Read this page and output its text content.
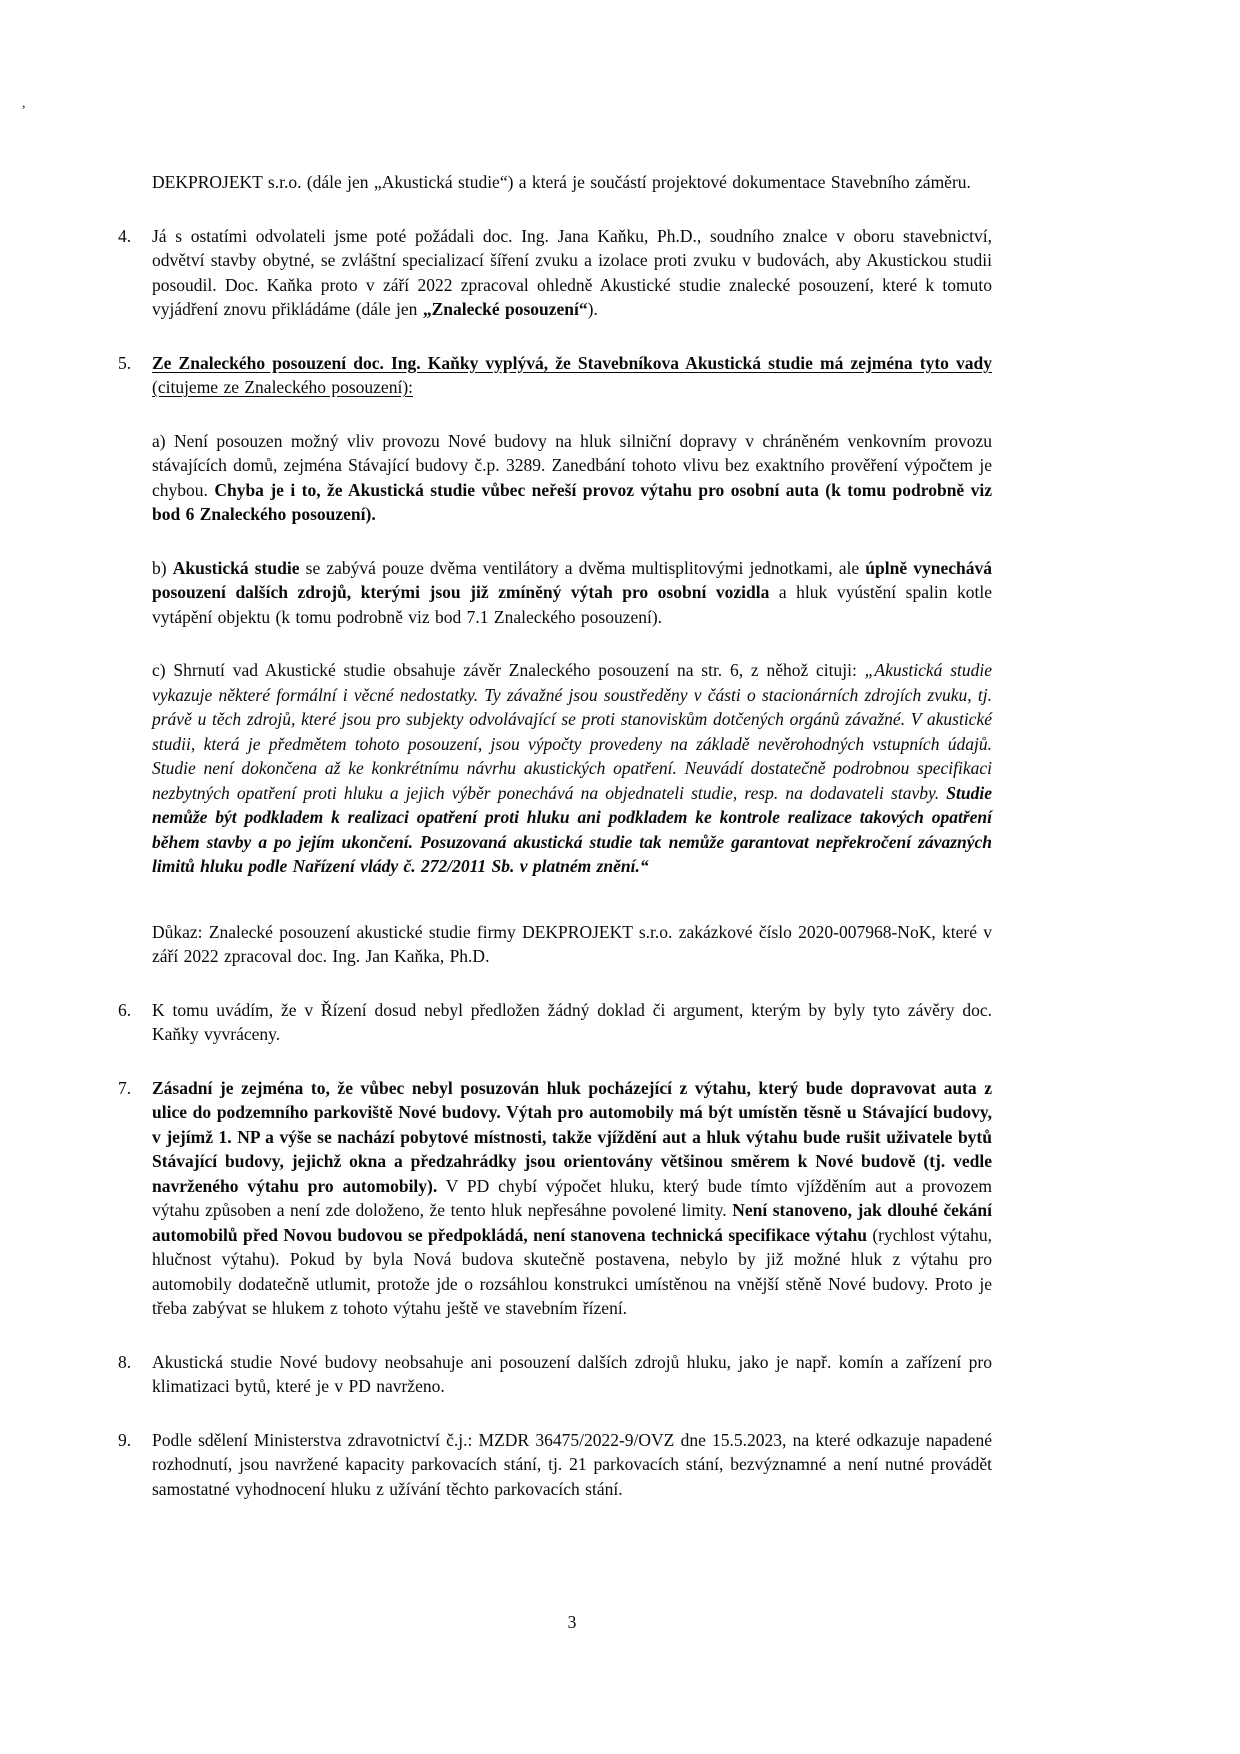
,

DEKPROJEKT s.r.o. (dále jen „Akustická studie“) a která je součástí projektové dokumentace Stavebního záměru.

4. Já s ostatími odvolateli jsme poté požádali doc. Ing. Jana Kaňku, Ph.D., soudního znalce v oboru stavebnictví, odvětví stavby obytné, se zvláštní specializací šíření zvuku a izolace proti zvuku v budovách, aby Akustickou studii posoudil. Doc. Kaňka proto v září 2022 zpracoval ohledně Akustické studie znalecké posouzení, které k tomuto vyjádření znovu přikládáme (dále jen „Znalecké posouzení“).

5. Ze Znaleckého posouzení doc. Ing. Kaňky vyplývá, že Stavebníkova Akustická studie má zejména tyto vady (citujeme ze Znaleckého posouzení):

a) Není posouzen možný vliv provozu Nové budovy na hluk silniční dopravy v chráněném venkovním provozu stávajících domů, zejména Stávající budovy č.p. 3289. Zanedbání tohoto vlivu bez exaktního prověření výpočtem je chybou. Chyba je i to, že Akustická studie vůbec neřeší provoz výtahu pro osobní auta (k tomu podrobně viz bod 6 Znaleckého posouzení).

b) Akustická studie se zabývá pouze dvěma ventilátory a dvěma multisplitovými jednotkami, ale úplně vynechává posouzení dalších zdrojů, kterými jsou již zmíněný výtah pro osobní vozidla a hluk vyústění spalin kotle vytápění objektu (k tomu podrobně viz bod 7.1 Znaleckého posouzení).

c) Shrnutí vad Akustické studie obsahuje závěr Znaleckého posouzení na str. 6, z něhož cituji: „Akustická studie vykazuje některé formální i věcné nedostatky. Ty závažné jsou soustředěny v části o stacionárních zdrojích zvuku, tj. právě u těch zdrojů, které jsou pro subjekty odvolávající se proti stanoviskům dotčených orgánů závažné. V akustické studii, která je předmětem tohoto posouzení, jsou výpočty provedeny na základě nevěrohodných vstupních údajů. Studie není dokončena až ke konkrétnímu návrhu akustických opatření. Neuvádí dostatečně podrobnou specifikaci nezbytných opatření proti hluku a jejich výběr ponechává na objednateli studie, resp. na dodavateli stavby. Studie nemůže být podkladem k realizaci opatření proti hluku ani podkladem ke kontrole realizace takových opatření během stavby a po jejím ukončení. Posuzovaná akustická studie tak nemůže garantovat nepřekročení závazných limitů hluku podle Nařízení vlády č. 272/2011 Sb. v platném znění.“

Důkaz: Znalecké posouzení akustické studie firmy DEKPROJEKT s.r.o. zakázkové číslo 2020-007968-NoK, které v září 2022 zpracoval doc. Ing. Jan Kaňka, Ph.D.

6. K tomu uvádím, že v Řízení dosud nebyl předložen žádný doklad či argument, kterým by byly tyto závěry doc. Kaňky vyvráceny.

7. Zásadní je zejména to, že vůbec nebyl posuzován hluk pocházející z výtahu, který bude dopravovat auta z ulice do podzemního parkoviště Nové budovy. Výtah pro automobily má být umístěn těsně u Stávající budovy, v jejímž 1. NP a výše se nachází pobytové místnosti, takže vjíždění aut a hluk výtahu bude rušit uživatele bytů Stávající budovy, jejichž okna a předzahrádky jsou orientovány většinou směrem k Nové budově (tj. vedle navrženého výtahu pro automobily). V PD chybí výpočet hluku, který bude tímto vjížděním aut a provozem výtahu způsoben a není zde doloženo, že tento hluk nepřesáhne povolené limity. Není stanoveno, jak dlouhé čekání automobilů před Novou budovou se předpokládá, není stanovena technická specifikace výtahu (rychlost výtahu, hlučnost výtahu). Pokud by byla Nová budova skutečně postavena, nebylo by již možné hluk z výtahu pro automobily dodatečně utlumit, protože jde o rozsáhlou konstrukci umístěnou na vnější stěně Nové budovy. Proto je třeba zabývat se hlukem z tohoto výtahu ještě ve stavebním řízení.

8. Akustická studie Nové budovy neobsahuje ani posouzení dalších zdrojů hluku, jako je např. komín a zařízení pro klimatizaci bytů, které je v PD navrženo.

9. Podle sdělení Ministerstva zdravotnictví č.j.: MZDR 36475/2022-9/OVZ dne 15.5.2023, na které odkazuje napadené rozhodnutí, jsou navržené kapacity parkovacích stání, tj. 21 parkovacích stání, bezvýznamné a není nutné provádět samostatné vyhodnocení hluku z užívání těchto parkovacích stání.

3
